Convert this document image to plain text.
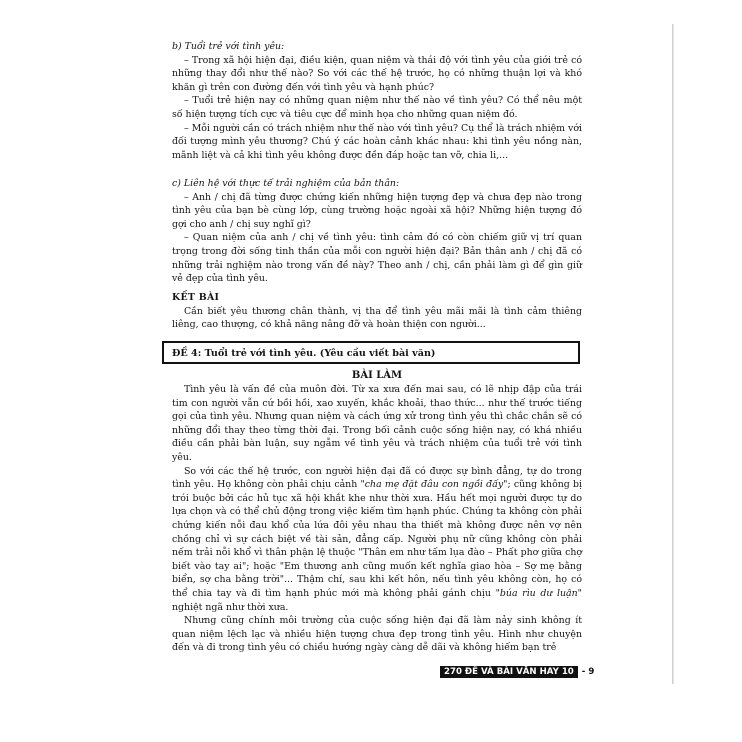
b) Tuổi trẻ với tình yêu:

– Trong xã hội hiện đại, điều kiện, quan niệm và thái độ với tình yêu của giới trẻ có những thay đổi như thế nào? So với các thế hệ trước, họ có những thuận lợi và khó khăn gì trên con đường đến với tình yêu và hạnh phúc?

– Tuổi trẻ hiện nay có những quan niệm như thế nào về tình yêu? Có thể nêu một số hiện tượng tích cực và tiêu cực để minh họa cho những quan niệm đó.

– Mỗi người cần có trách nhiệm như thế nào với tình yêu? Cụ thể là trách nhiệm với đối tượng mình yêu thương? Chú ý các hoàn cảnh khác nhau: khi tình yêu nồng nàn, mãnh liệt và cả khi tình yêu không được đền đáp hoặc tan vỡ, chia li,...

c) Liên hệ với thực tế trải nghiệm của bản thân:

– Anh / chị đã từng được chứng kiến những hiện tượng đẹp và chưa đẹp nào trong tình yêu của bạn bè cùng lớp, cùng trường hoặc ngoài xã hội? Những hiện tượng đó gợi cho anh / chị suy nghĩ gì?

– Quan niệm của anh / chị về tình yêu: tình cảm đó có còn chiếm giữ vị trí quan trọng trong đời sống tinh thần của mỗi con người hiện đại? Bản thân anh / chị đã có những trải nghiệm nào trong vấn đề này? Theo anh / chị, cần phải làm gì để gìn giữ vẻ đẹp của tình yêu.

KẾT BÀI

Cần biết yêu thương chân thành, vị tha để tình yêu mãi mãi là tình cảm thiêng liêng, cao thượng, có khả năng nâng đỡ và hoàn thiện con người...

ĐỀ 4: Tuổi trẻ với tình yêu. (Yêu cầu viết bài văn)
BÀI LÀM

Tình yêu là vấn đề của muôn đời. Từ xa xưa đến mai sau, có lẽ nhịp đập của trái tim con người vẫn cứ bồi hồi, xao xuyến, khắc khoải, thao thức... như thế trước tiếng gọi của tình yêu. Nhưng quan niệm và cách ứng xử trong tình yêu thì chắc chắn sẽ có những đổi thay theo từng thời đại. Trong bối cảnh cuộc sống hiện nay, có khá nhiều điều cần phải bàn luận, suy ngẫm về tình yêu và trách nhiệm của tuổi trẻ với tình yêu.

So với các thế hệ trước, con người hiện đại đã có được sự bình đẳng, tự do trong tình yêu. Họ không còn phải chịu cảnh "cha mẹ đặt đâu con ngồi đấy"; cũng không bị trói buộc bởi các hủ tục xã hội khắt khe như thời xưa. Hầu hết mọi người được tự do lựa chọn và có thể chủ động trong việc kiếm tìm hạnh phúc. Chúng ta không còn phải chứng kiến nỗi đau khổ của lứa đôi yêu nhau tha thiết mà không được nên vợ nên chồng chỉ vì sự cách biệt về tài sản, đẳng cấp. Người phụ nữ cũng không còn phải nếm trải nỗi khổ vì thân phận lệ thuộc "Thân em như tấm lụa đào – Phất phơ giữa chợ biết vào tay ai"; hoặc "Em thương anh cũng muốn kết nghĩa giao hòa – Sợ mẹ bằng biển, sợ cha bằng trời"... Thậm chí, sau khi kết hôn, nếu tình yêu không còn, họ có thể chia tay và đi tìm hạnh phúc mới mà không phải gánh chịu "búa rìu dư luận" nghiệt ngã như thời xưa.

Nhưng cũng chính môi trường của cuộc sống hiện đại đã làm nảy sinh không ít quan niệm lệch lạc và nhiều hiện tượng chưa đẹp trong tình yêu. Hình như chuyện đến và đi trong tình yêu có chiều hướng ngày càng dễ dãi và không hiếm bạn trẻ

270 ĐỀ VÀ BÀI VĂN HAY 10 - 9
